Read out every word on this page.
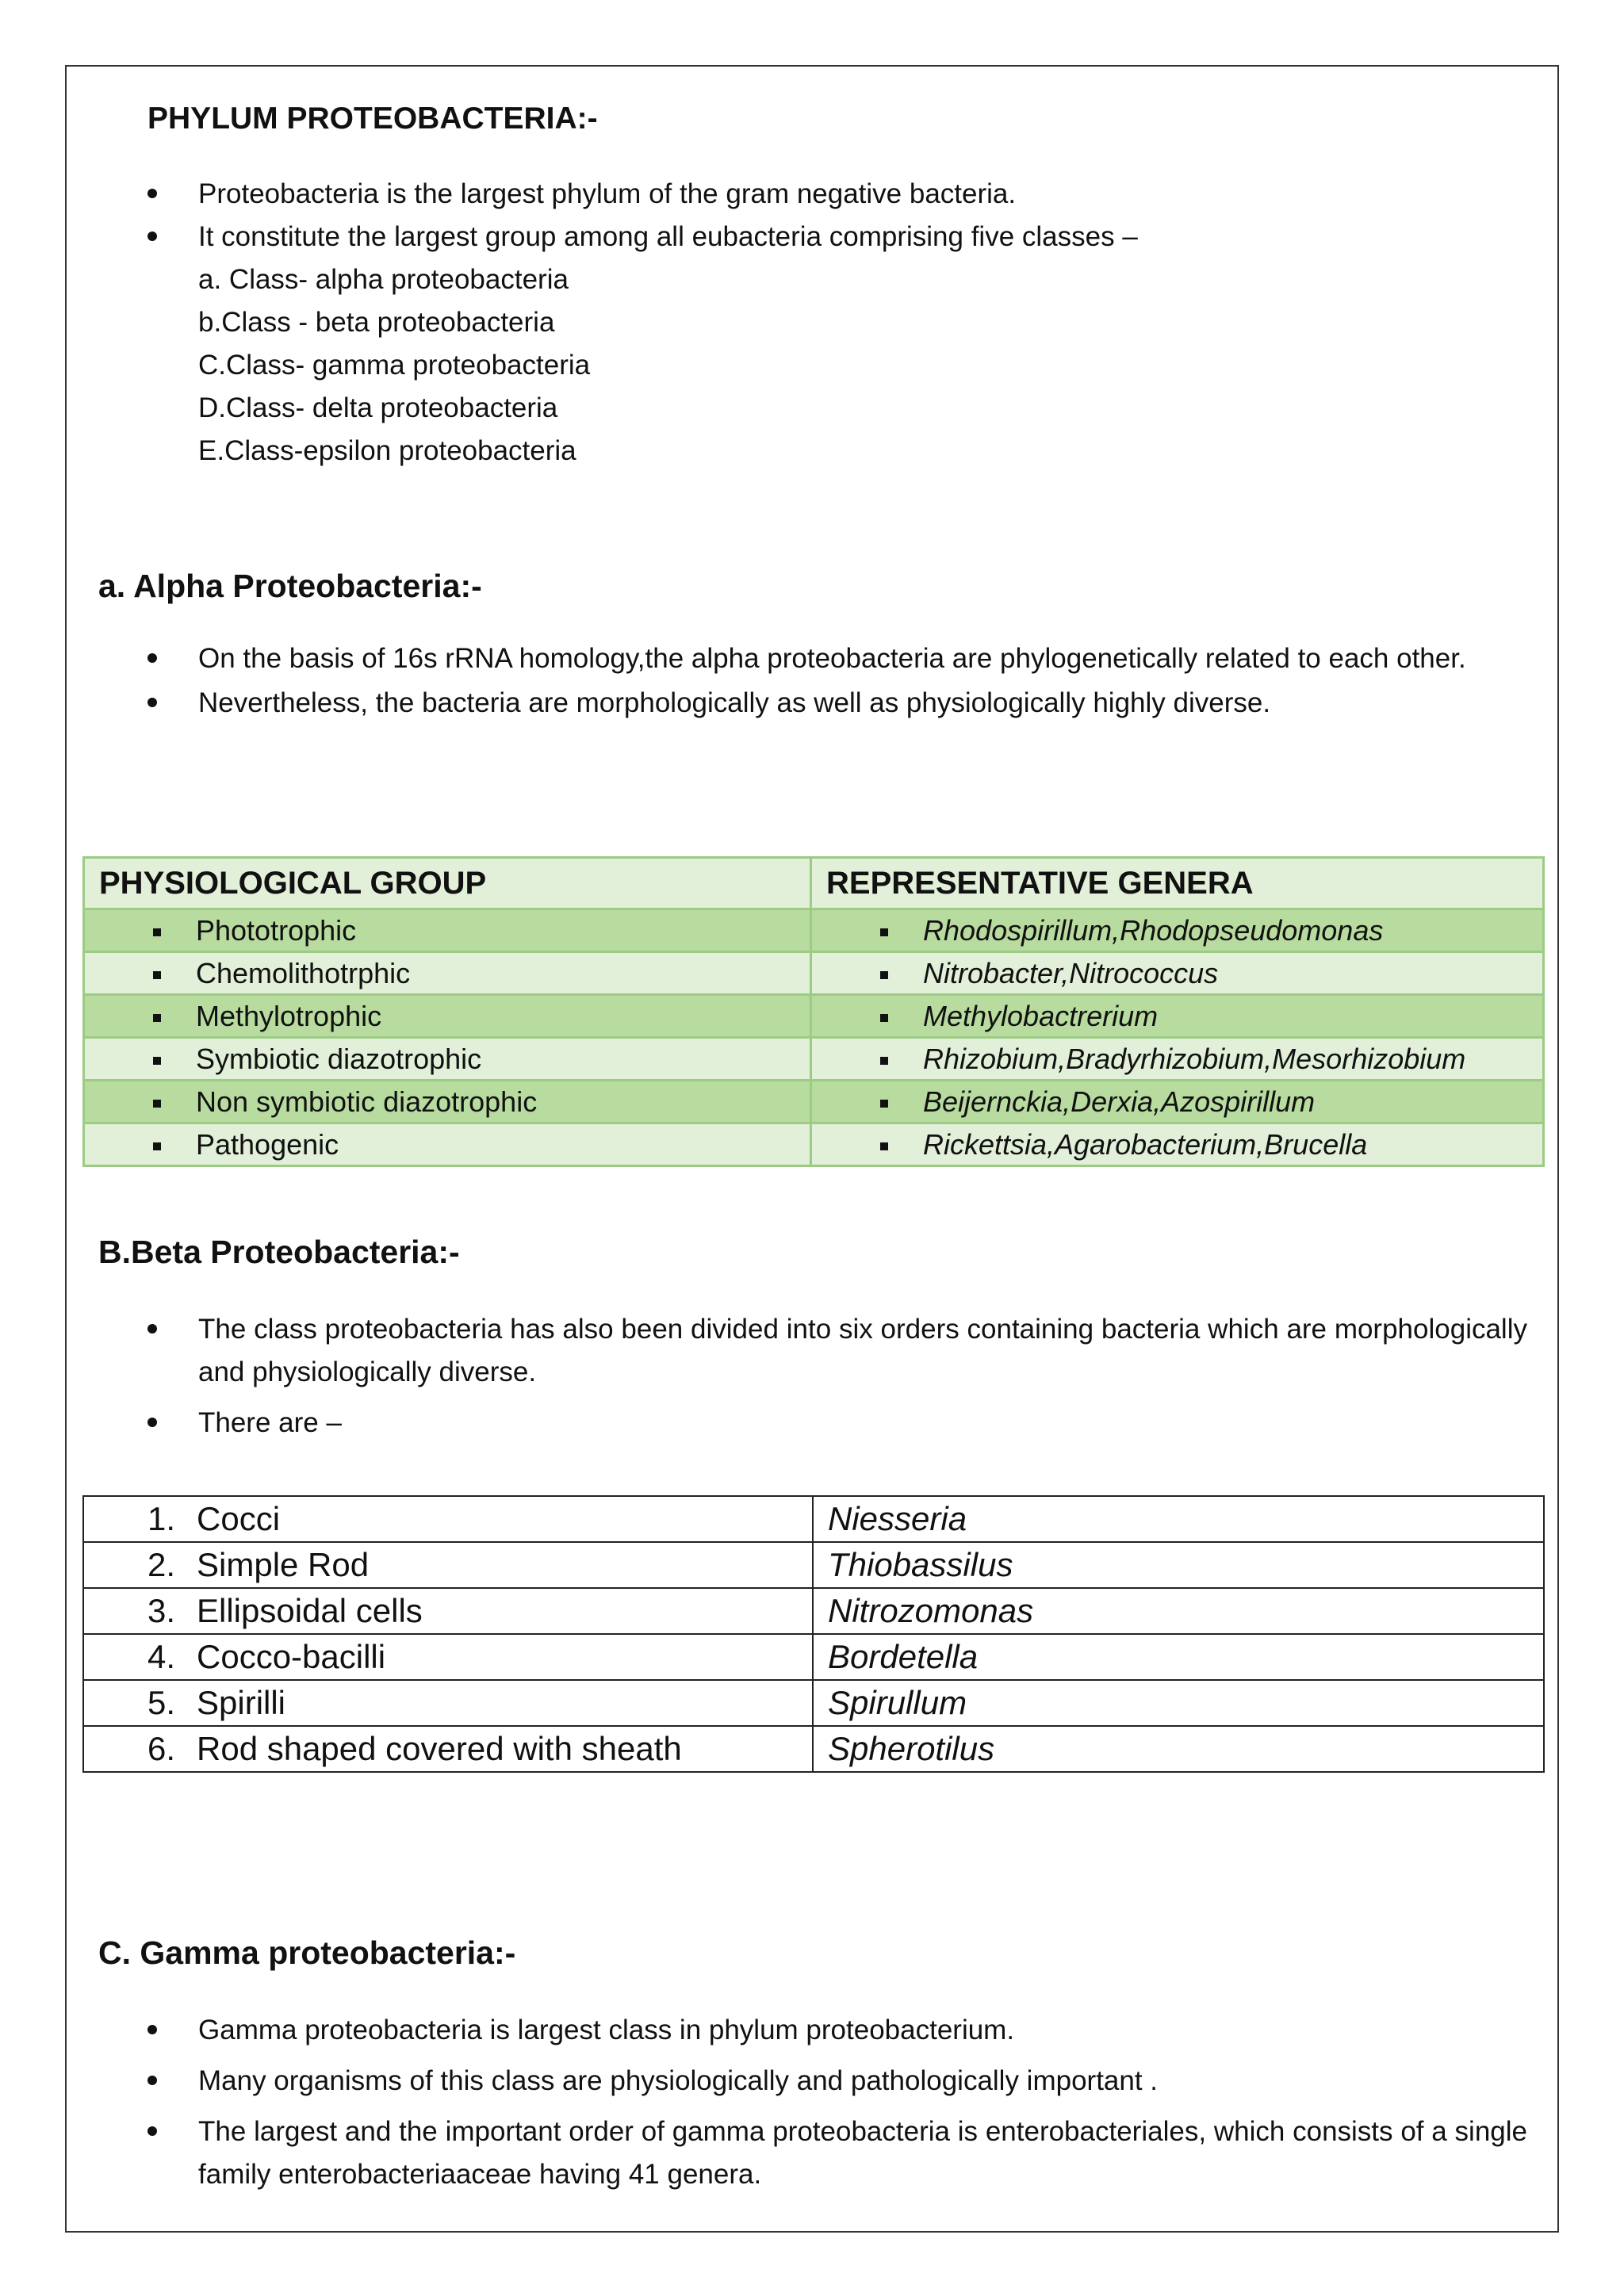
PHYLUM PROTEOBACTERIA:-
Proteobacteria is the largest phylum of the gram negative bacteria.
It constitute the largest group among all eubacteria comprising five classes –
a. Class- alpha proteobacteria
b.Class - beta proteobacteria
C.Class- gamma proteobacteria
D.Class- delta proteobacteria
E.Class-epsilon proteobacteria
a. Alpha Proteobacteria:-
On the basis of 16s rRNA homology,the alpha proteobacteria are phylogenetically related to each other.
Nevertheless, the bacteria are morphologically as well as physiologically highly diverse.
PHYSIOLOGICAL GROUP	REPRESENTATIVE GENERA

Phototrophic	Rhodospirillum,Rhodopseudomonas

Chemolithotrphic	Nitrobacter,Nitrococcus

Methylotrophic	Methylobactrerium

Symbiotic diazotrophic	Rhizobium,Bradyrhizobium,Mesorhizobium

Non symbiotic diazotrophic	Beijernckia,Derxia,Azospirillum

Pathogenic	Rickettsia,Agarobacterium,Brucella
B.Beta Proteobacteria:-
The class proteobacteria has also been divided into six orders containing bacteria which are morphologically and physiologically diverse.
There are –
1. Cocci	Niesseria

2. Simple Rod	Thiobassilus

3. Ellipsoidal cells	Nitrozomonas

4. Cocco-bacilli	Bordetella

5. Spirilli	Spirullum

6. Rod shaped covered with sheath	Spherotilus
C. Gamma proteobacteria:-
Gamma proteobacteria is largest class in phylum proteobacterium.
Many organisms of this class are physiologically and pathologically important .
The largest and the important order of gamma proteobacteria is enterobacteriales, which consists of a single family enterobacteriaaceae having 41 genera.
